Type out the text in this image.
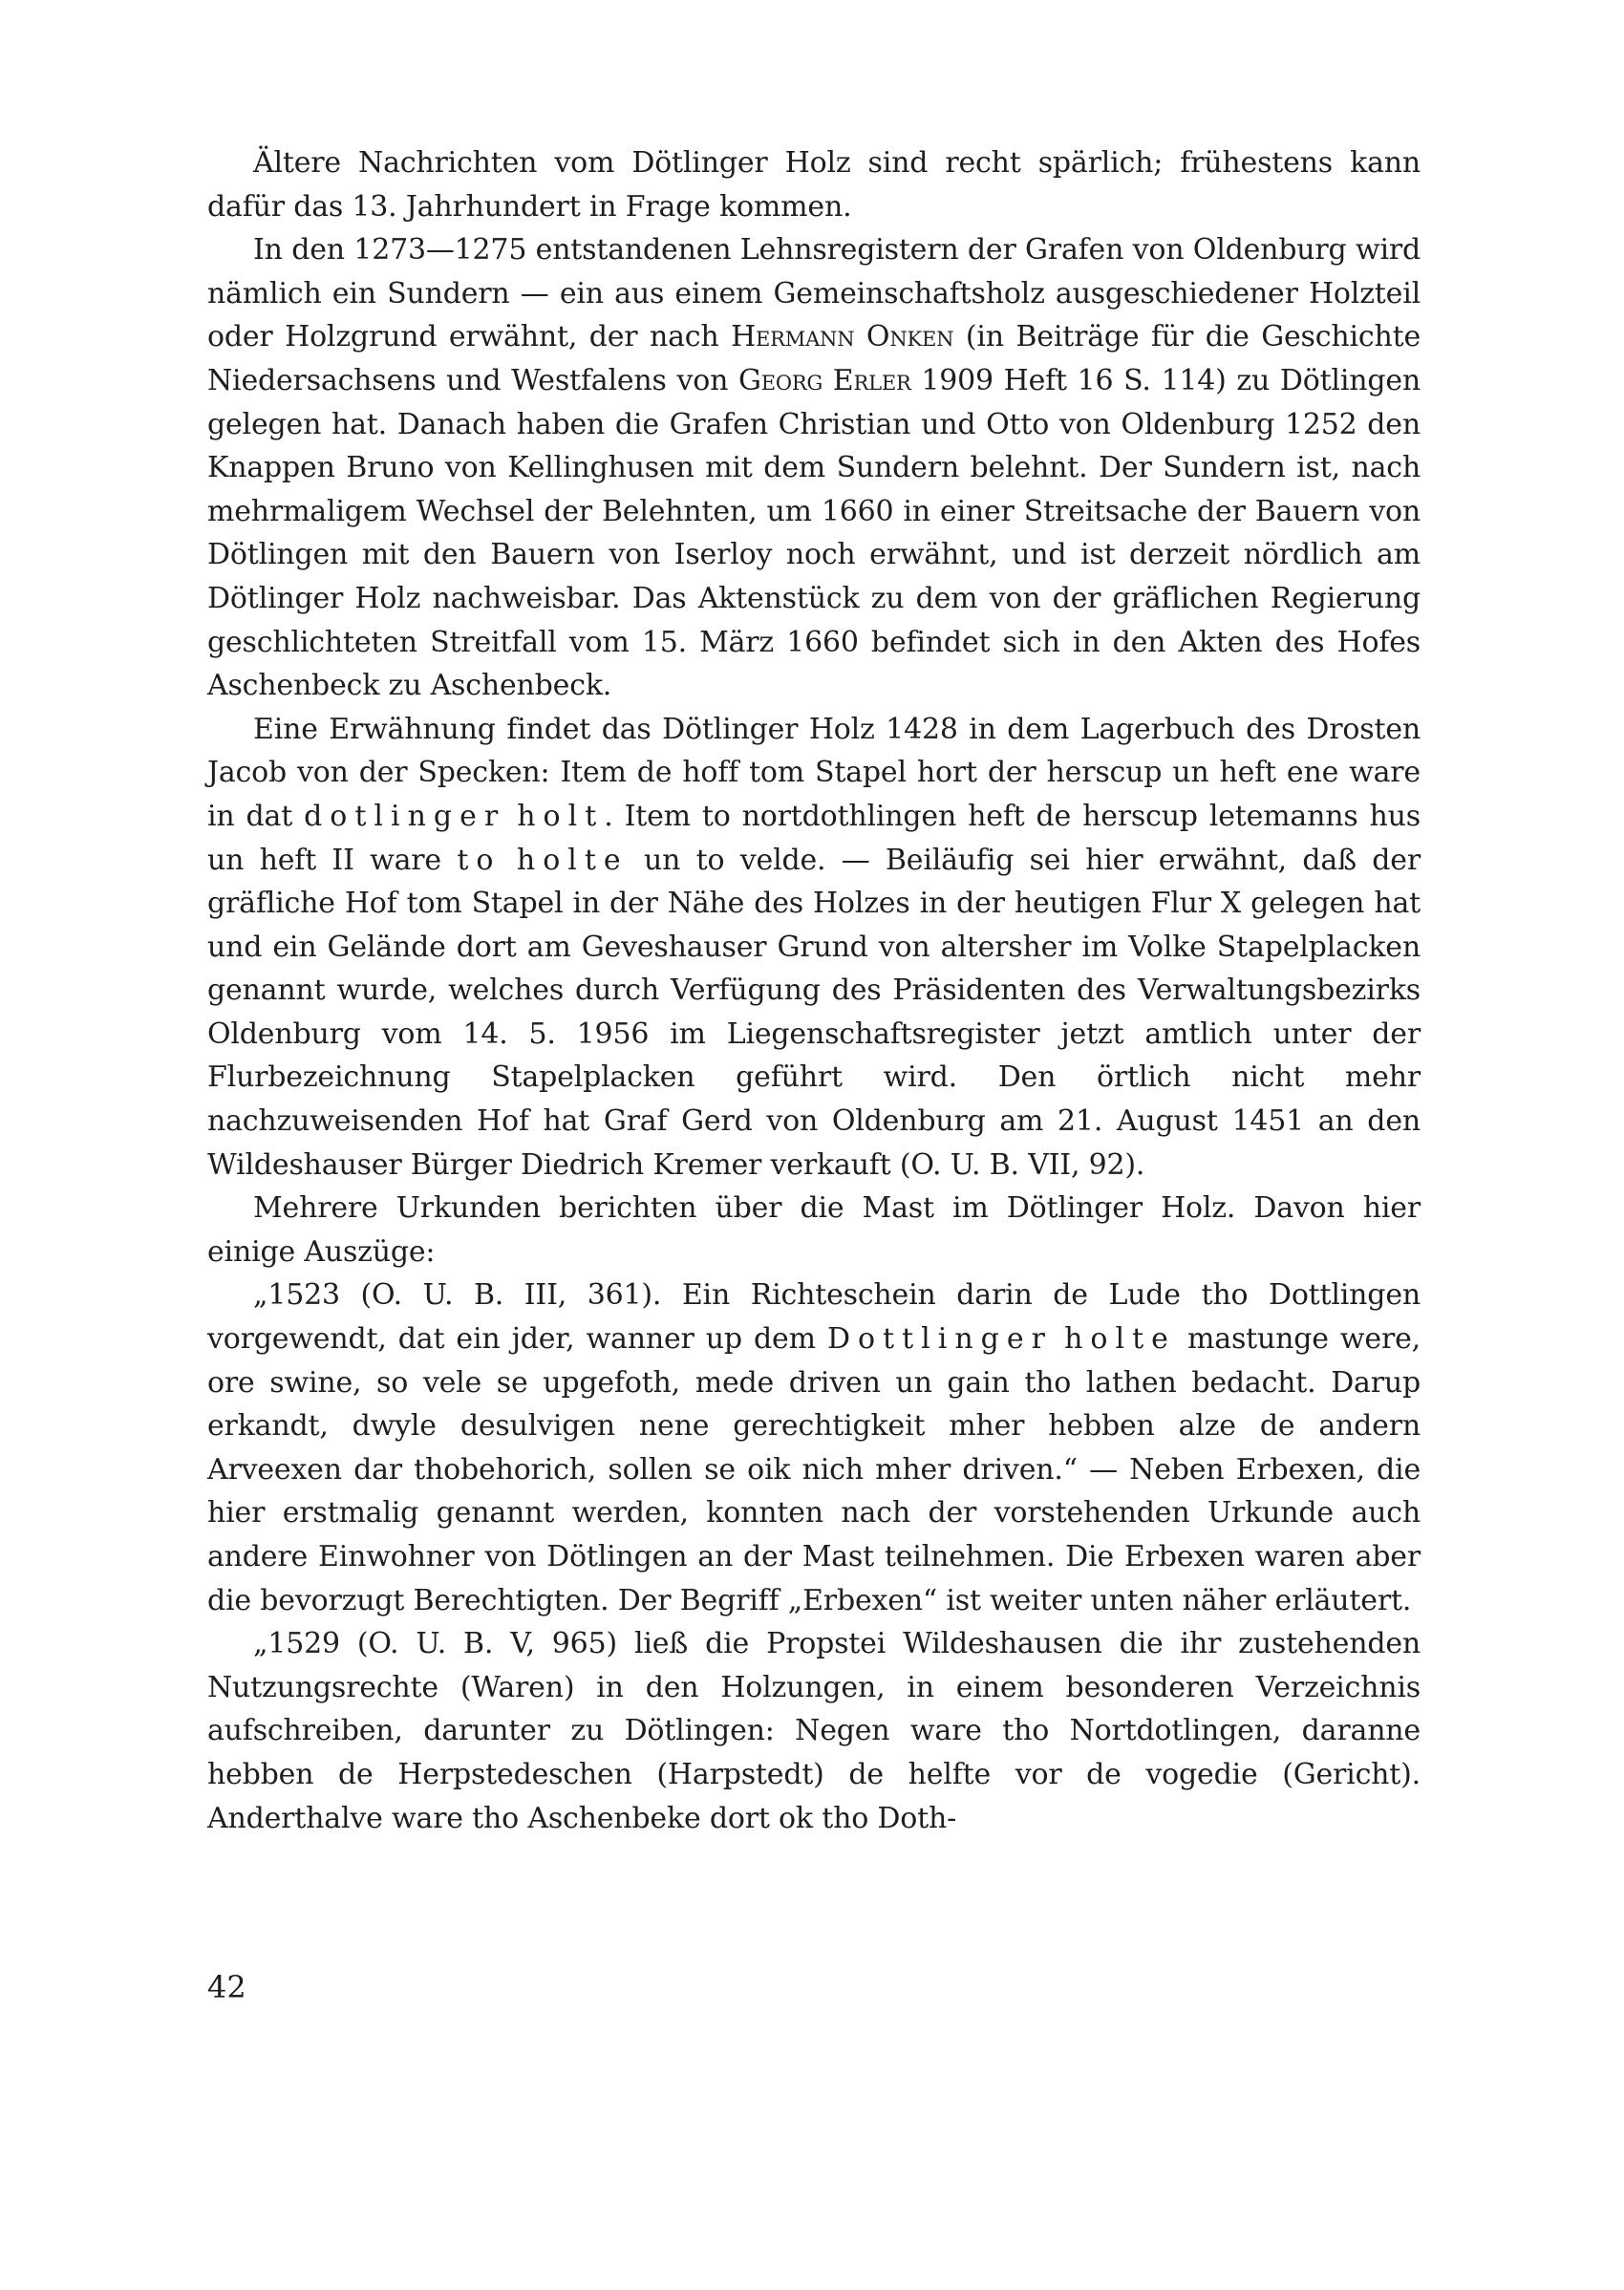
Ältere Nachrichten vom Dötlinger Holz sind recht spärlich; frühestens kann dafür das 13. Jahrhundert in Frage kommen.

In den 1273—1275 entstandenen Lehnsregistern der Grafen von Oldenburg wird nämlich ein Sundern — ein aus einem Gemeinschaftsholz ausgeschiedener Holzteil oder Holzgrund erwähnt, der nach Hermann Onken (in Beiträge für die Geschichte Niedersachsens und Westfalens von Georg Erler 1909 Heft 16 S. 114) zu Dötlingen gelegen hat. Danach haben die Grafen Christian und Otto von Oldenburg 1252 den Knappen Bruno von Kellinghusen mit dem Sundern belehnt. Der Sundern ist, nach mehrmaligem Wechsel der Belehnten, um 1660 in einer Streitsache der Bauern von Dötlingen mit den Bauern von Iserloy noch erwähnt, und ist derzeit nördlich am Dötlinger Holz nachweisbar. Das Aktenstück zu dem von der gräflichen Regierung geschlichteten Streitfall vom 15. März 1660 befindet sich in den Akten des Hofes Aschenbeck zu Aschenbeck.

Eine Erwähnung findet das Dötlinger Holz 1428 in dem Lagerbuch des Drosten Jacob von der Specken: Item de hoff tom Stapel hort der herscup un heft ene ware in dat dotlinger holt. Item to nortdothlingen heft de herscup letemanns hus un heft II ware to holte un to velde. — Beiläufig sei hier erwähnt, daß der gräfliche Hof tom Stapel in der Nähe des Holzes in der heutigen Flur X gelegen hat und ein Gelände dort am Geveshauser Grund von altersher im Volke Stapelplacken genannt wurde, welches durch Verfügung des Präsidenten des Verwaltungsbezirks Oldenburg vom 14. 5. 1956 im Liegenschaftsregister jetzt amtlich unter der Flurbezeichnung Stapelplacken geführt wird. Den örtlich nicht mehr nachzuweisenden Hof hat Graf Gerd von Oldenburg am 21. August 1451 an den Wildeshauser Bürger Diedrich Kremer verkauft (O. U. B. VII, 92).

Mehrere Urkunden berichten über die Mast im Dötlinger Holz. Davon hier einige Auszüge:

„1523 (O. U. B. III, 361). Ein Richteschein darin de Lude tho Dottlingen vorgewendt, dat ein jder, wanner up dem Dottlinger holte mastunge were, ore swine, so vele se upgefoth, mede driven un gain tho lathen bedacht. Darup erkandt, dwyle desulvigen nene gerechtigkeit mher hebben alze de andern Arveexen dar thobehorich, sollen se oik nich mher driven.“ — Neben Erbexen, die hier erstmalig genannt werden, konnten nach der vorstehenden Urkunde auch andere Einwohner von Dötlingen an der Mast teilnehmen. Die Erbexen waren aber die bevorzugt Berechtigten. Der Begriff „Erbexen“ ist weiter unten näher erläutert.

„1529 (O. U. B. V, 965) ließ die Propstei Wildeshausen die ihr zustehenden Nutzungsrechte (Waren) in den Holzungen, in einem besonderen Verzeichnis aufschreiben, darunter zu Dötlingen: Negen ware tho Nortdotlingen, daranne hebben de Herpstedeschen (Harpstedt) de helfte vor de vogedie (Gericht). Anderthalve ware tho Aschenbeke dort ok tho Doth-

42
